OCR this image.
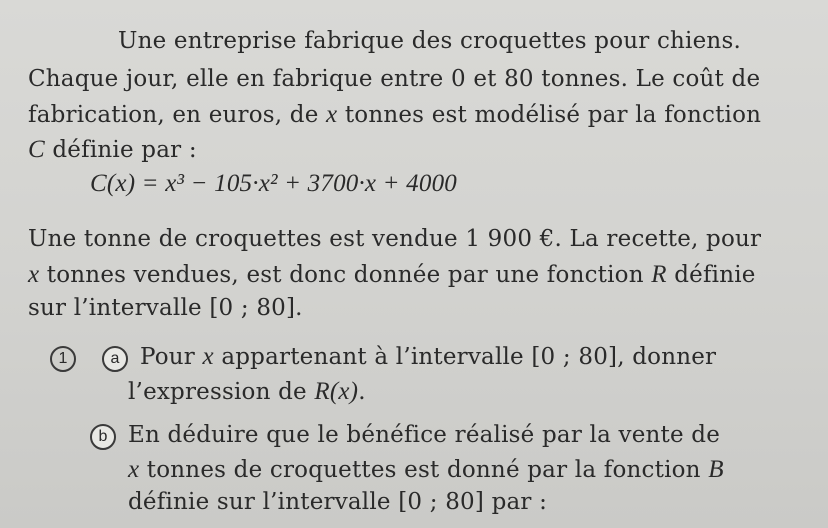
Une entreprise fabrique des croquettes pour chiens.
Chaque jour, elle en fabrique entre 0 et 80 tonnes. Le coût de
fabrication, en euros, de x tonnes est modélisé par la fonction
C définie par :
C(x) = x³ − 105·x² + 3700·x + 4000
Une tonne de croquettes est vendue 1 900 €. La recette, pour
x tonnes vendues, est donc donnée par une fonction R définie
sur l’intervalle [0 ; 80].
1	a Pour x appartenant à l’intervalle [0 ; 80], donner
l’expression de R(x).
b En déduire que le bénéfice réalisé par la vente de
x tonnes de croquettes est donné par la fonction B
définie sur l’intervalle [0 ; 80] par :
